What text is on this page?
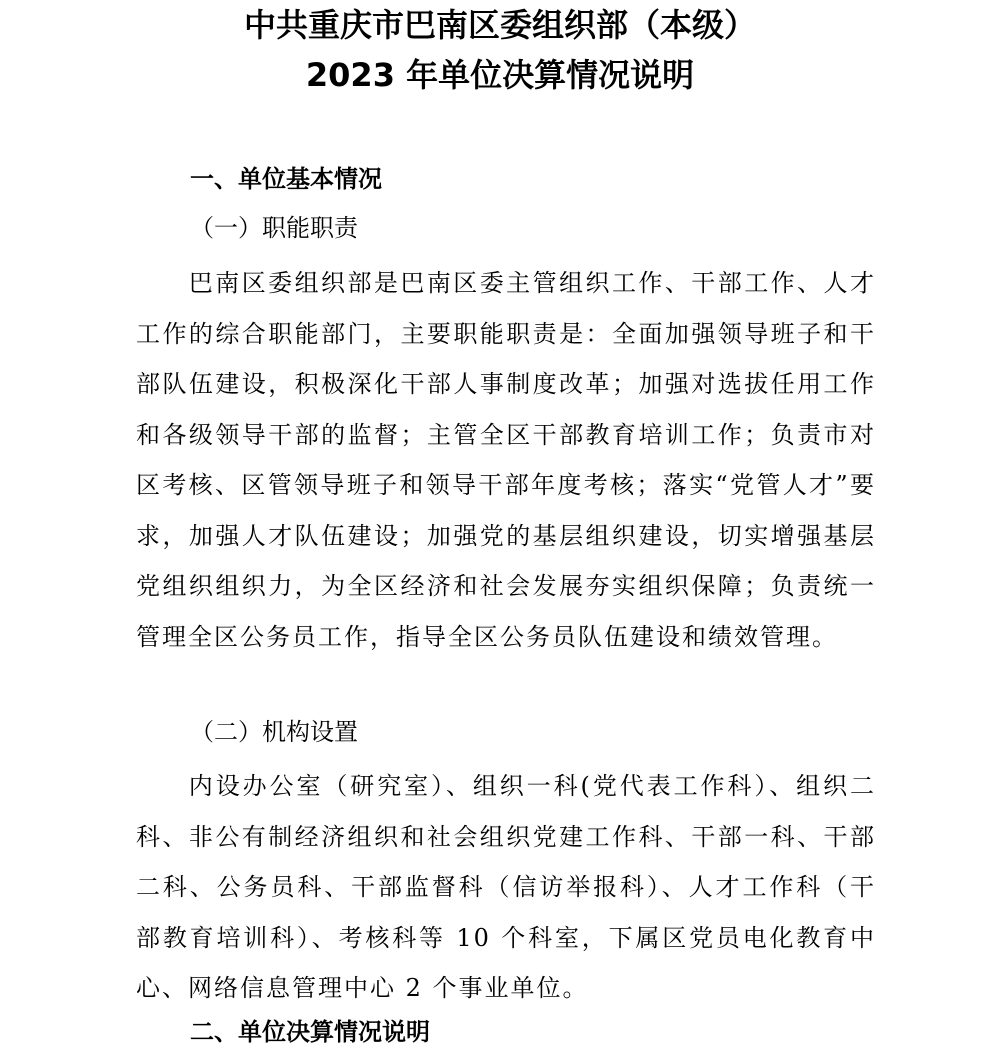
中共重庆市巴南区委组织部（本级）
2023 年单位决算情况说明
一、单位基本情况
（一）职能职责
巴南区委组织部是巴南区委主管组织工作、干部工作、人才工作的综合职能部门，主要职能职责是：全面加强领导班子和干部队伍建设，积极深化干部人事制度改革；加强对选拔任用工作和各级领导干部的监督；主管全区干部教育培训工作；负责市对区考核、区管领导班子和领导干部年度考核；落实“党管人才”要求，加强人才队伍建设；加强党的基层组织建设，切实增强基层党组织组织力，为全区经济和社会发展夯实组织保障；负责统一管理全区公务员工作，指导全区公务员队伍建设和绩效管理。
（二）机构设置
内设办公室（研究室）、组织一科(党代表工作科）、组织二科、非公有制经济组织和社会组织党建工作科、干部一科、干部二科、公务员科、干部监督科（信访举报科）、人才工作科（干部教育培训科）、考核科等 10 个科室，下属区党员电化教育中心、网络信息管理中心 2 个事业单位。
二、单位决算情况说明
